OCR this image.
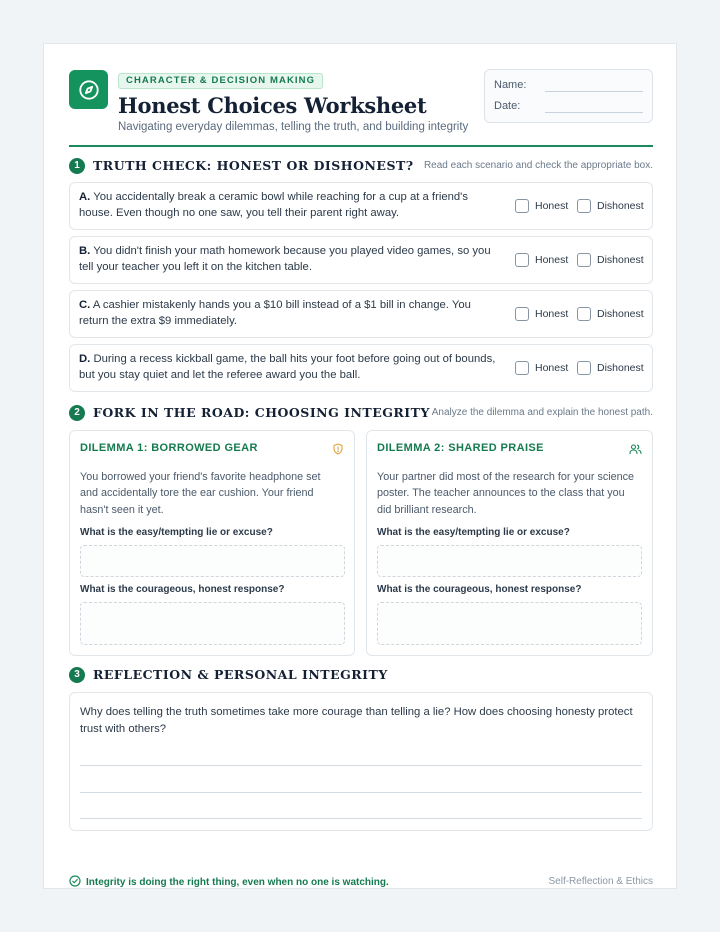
CHARACTER & DECISION MAKING
Honest Choices Worksheet
Navigating everyday dilemmas, telling the truth, and building integrity
Name:
Date:
1	TRUTH CHECK: HONEST OR DISHONEST? Read each scenario and check the appropriate box.
A. You accidentally break a ceramic bowl while reaching for a cup at a friend's house. Even though no one saw, you tell their parent right away.
Honest	Dishonest
B. You didn't finish your math homework because you played video games, so you tell your teacher you left it on the kitchen table.
Honest	Dishonest
C. A cashier mistakenly hands you a $10 bill instead of a $1 bill in change. You return the extra $9 immediately.
Honest	Dishonest
D. During a recess kickball game, the ball hits your foot before going out of bounds, but you stay quiet and let the referee award you the ball.
Honest	Dishonest
2	FORK IN THE ROAD: CHOOSING INTEGRITY Analyze the dilemma and explain the honest path.
DILEMMA 1: BORROWED GEAR
You borrowed your friend's favorite headphone set and accidentally tore the ear cushion. Your friend hasn't seen it yet.
What is the easy/tempting lie or excuse?
What is the courageous, honest response?
DILEMMA 2: SHARED PRAISE
Your partner did most of the research for your science poster. The teacher announces to the class that you did brilliant research.
What is the easy/tempting lie or excuse?
What is the courageous, honest response?
3	REFLECTION & PERSONAL INTEGRITY
Why does telling the truth sometimes take more courage than telling a lie? How does choosing honesty protect trust with others?
Integrity is doing the right thing, even when no one is watching.	Self-Reflection & Ethics
